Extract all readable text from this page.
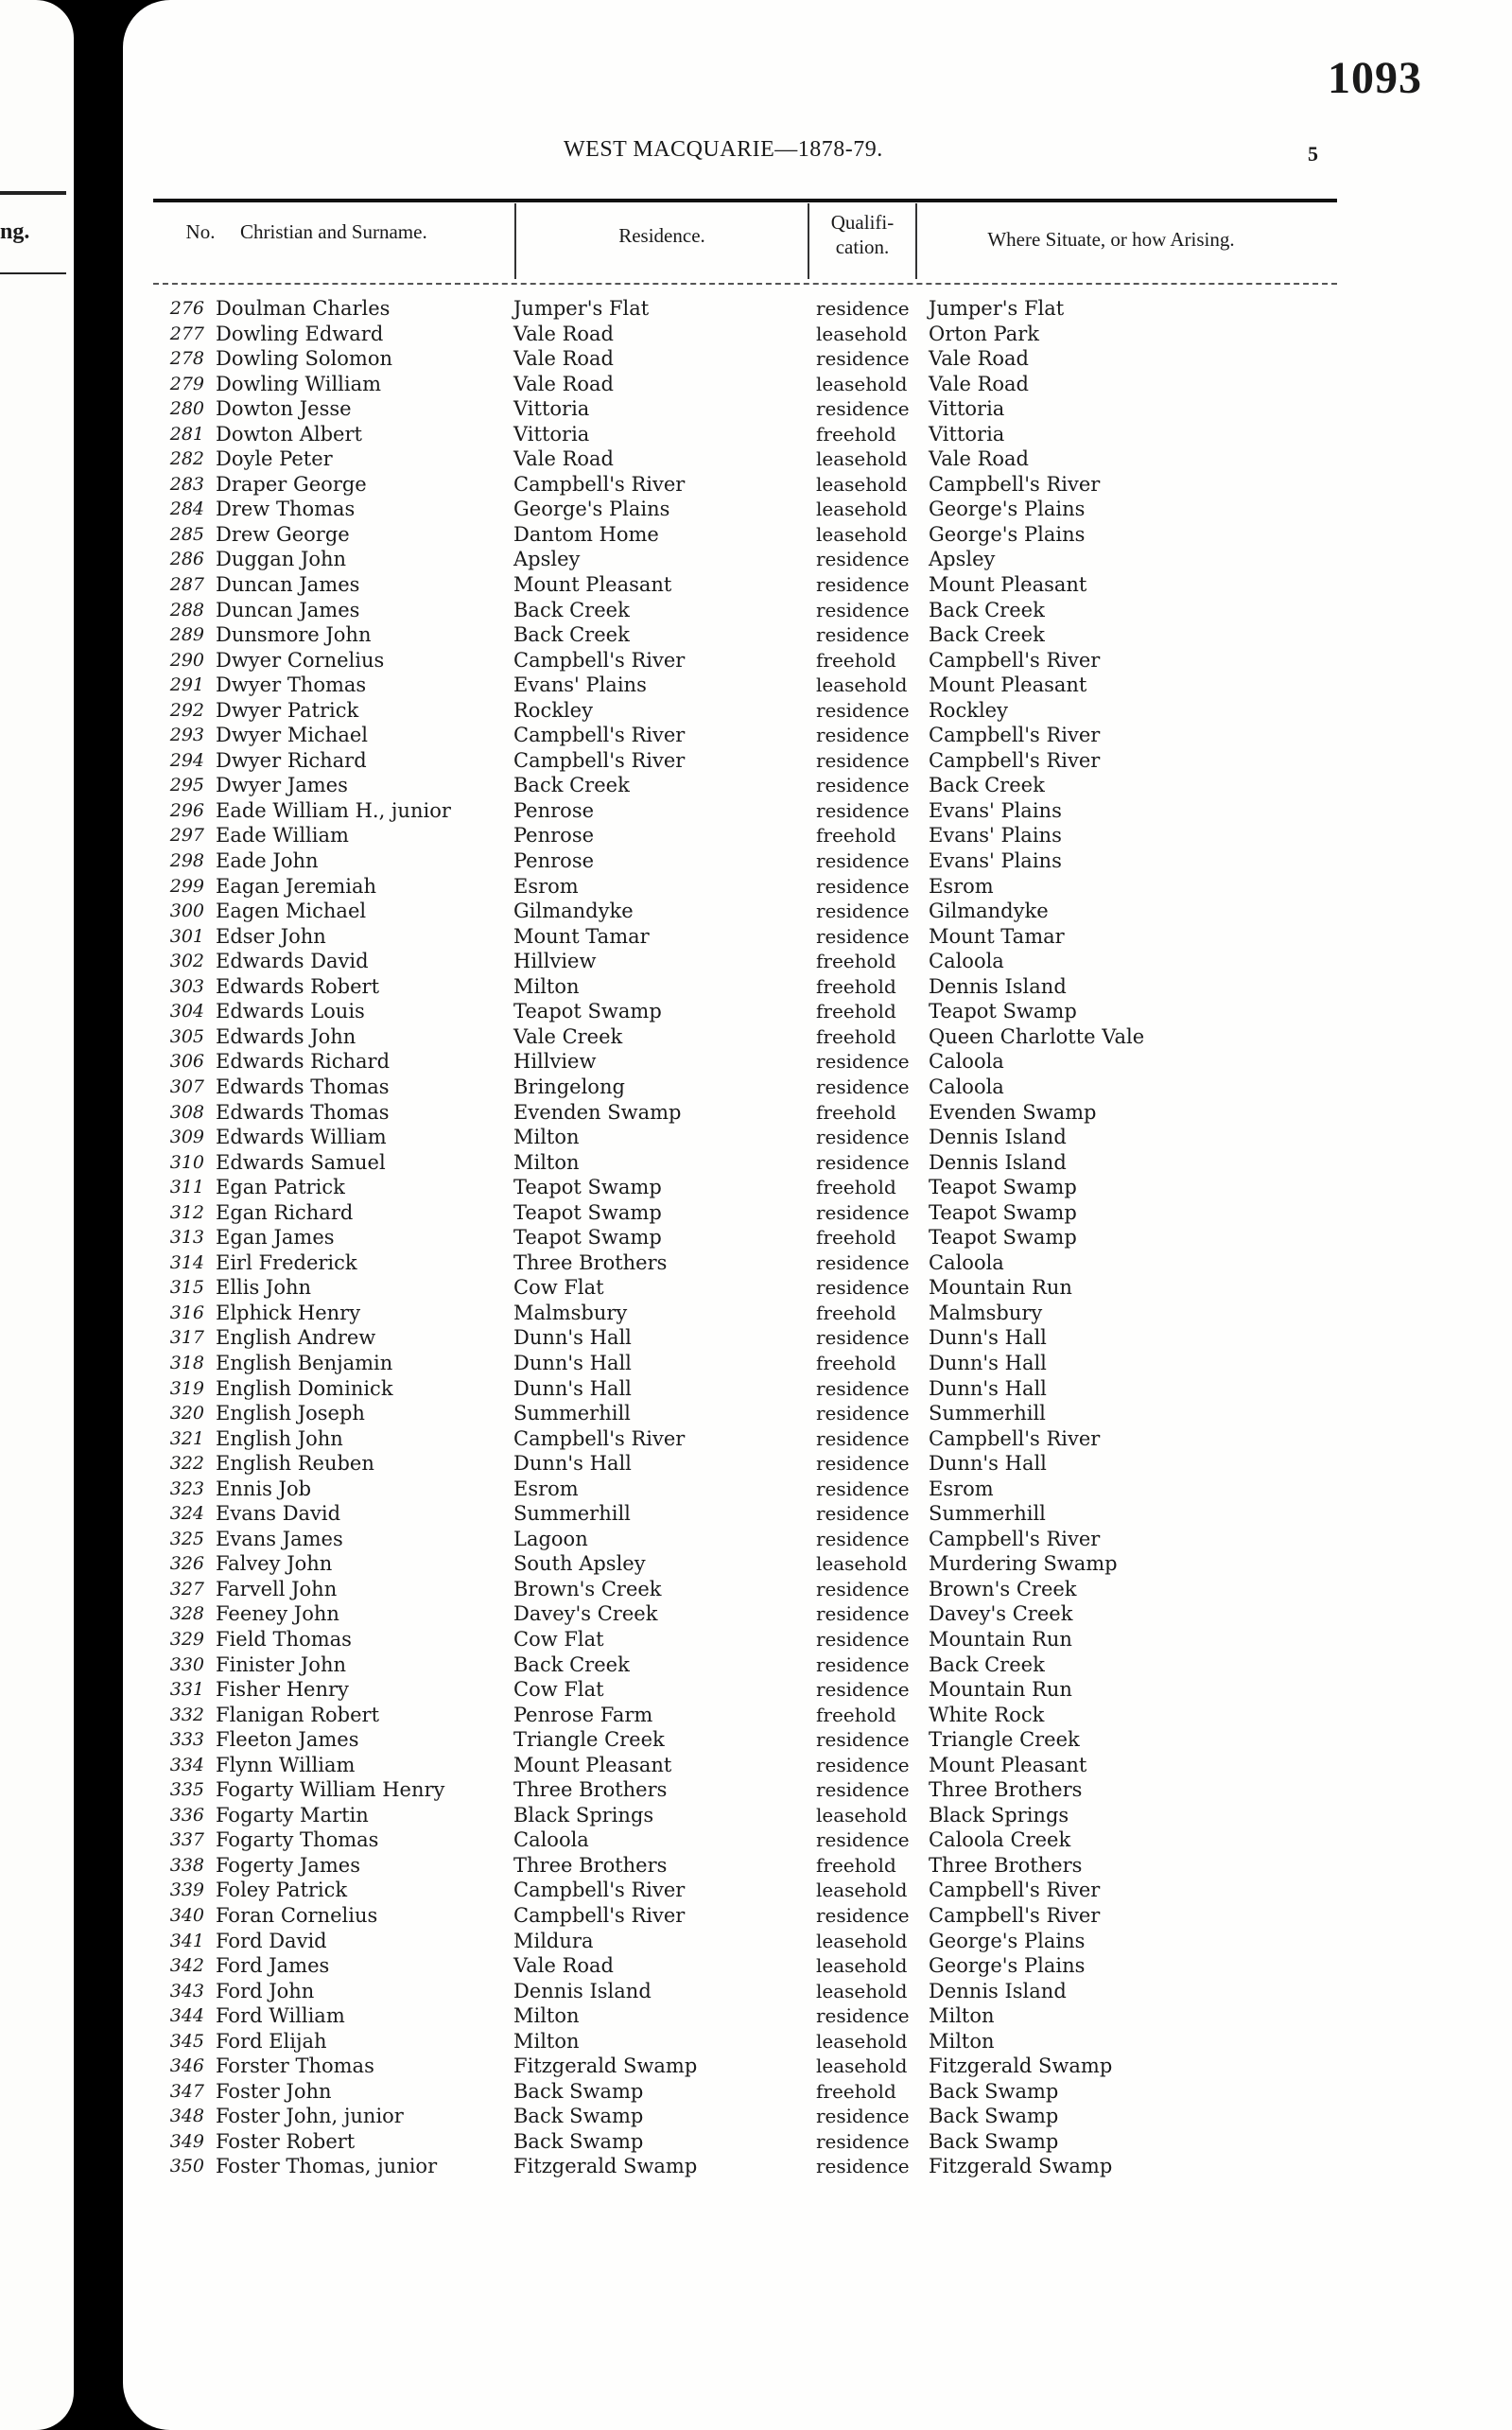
ng.
1093
WEST MACQUARIE—1878-79.	5
No.	Christian and Surname.	Residence.
Qualifi-
cation.	Where Situate, or how Arising.
276 Doulman Charles	Jumper's Flat	residence Jumper's Flat
277 Dowling Edward	Vale Road	leasehold Orton Park
278 Dowling Solomon	Vale Road	residence Vale Road
279 Dowling William	Vale Road	leasehold Vale Road
280 Dowton Jesse	Vittoria	residence Vittoria
281 Dowton Albert	Vittoria	freehold Vittoria
282 Doyle Peter	Vale Road	leasehold Vale Road
283 Draper George	Campbell's River	leasehold Campbell's River
284 Drew Thomas	George's Plains	leasehold George's Plains
285 Drew George	Dantom Home	leasehold George's Plains
286 Duggan John	Apsley	residence Apsley
287 Duncan James	Mount Pleasant	residence Mount Pleasant
288 Duncan James	Back Creek	residence Back Creek
289 Dunsmore John	Back Creek	residence Back Creek
290 Dwyer Cornelius	Campbell's River	freehold Campbell's River
291 Dwyer Thomas	Evans' Plains	leasehold Mount Pleasant
292 Dwyer Patrick	Rockley	residence Rockley
293 Dwyer Michael	Campbell's River	residence Campbell's River
294 Dwyer Richard	Campbell's River	residence Campbell's River
295 Dwyer James	Back Creek	residence Back Creek
296 Eade William H., junior	Penrose	residence Evans' Plains
297 Eade William	Penrose	freehold Evans' Plains
298 Eade John	Penrose	residence Evans' Plains
299 Eagan Jeremiah	Esrom	residence Esrom
300 Eagen Michael	Gilmandyke	residence Gilmandyke
301 Edser John	Mount Tamar	residence Mount Tamar
302 Edwards David	Hillview	freehold Caloola
303 Edwards Robert	Milton	freehold Dennis Island
304 Edwards Louis	Teapot Swamp	freehold Teapot Swamp
305 Edwards John	Vale Creek	freehold Queen Charlotte Vale
306 Edwards Richard	Hillview	residence Caloola
307 Edwards Thomas	Bringelong	residence Caloola
308 Edwards Thomas	Evenden Swamp	freehold Evenden Swamp
309 Edwards William	Milton	residence Dennis Island
310 Edwards Samuel	Milton	residence Dennis Island
311 Egan Patrick	Teapot Swamp	freehold Teapot Swamp
312 Egan Richard	Teapot Swamp	residence Teapot Swamp
313 Egan James	Teapot Swamp	freehold Teapot Swamp
314 Eirl Frederick	Three Brothers	residence Caloola
315 Ellis John	Cow Flat	residence Mountain Run
316 Elphick Henry	Malmsbury	freehold Malmsbury
317 English Andrew	Dunn's Hall	residence Dunn's Hall
318 English Benjamin	Dunn's Hall	freehold Dunn's Hall
319 English Dominick	Dunn's Hall	residence Dunn's Hall
320 English Joseph	Summerhill	residence Summerhill
321 English John	Campbell's River	residence Campbell's River
322 English Reuben	Dunn's Hall	residence Dunn's Hall
323 Ennis Job	Esrom	residence Esrom
324 Evans David	Summerhill	residence Summerhill
325 Evans James	Lagoon	residence Campbell's River
326 Falvey John	South Apsley	leasehold Murdering Swamp
327 Farvell John	Brown's Creek	residence Brown's Creek
328 Feeney John	Davey's Creek	residence Davey's Creek
329 Field Thomas	Cow Flat	residence Mountain Run
330 Finister John	Back Creek	residence Back Creek
331 Fisher Henry	Cow Flat	residence Mountain Run
332 Flanigan Robert	Penrose Farm	freehold White Rock
333 Fleeton James	Triangle Creek	residence Triangle Creek
334 Flynn William	Mount Pleasant	residence Mount Pleasant
335 Fogarty William Henry	Three Brothers	residence Three Brothers
336 Fogarty Martin	Black Springs	leasehold Black Springs
337 Fogarty Thomas	Caloola	residence Caloola Creek
338 Fogerty James	Three Brothers	freehold Three Brothers
339 Foley Patrick	Campbell's River	leasehold Campbell's River
340 Foran Cornelius	Campbell's River	residence Campbell's River
341 Ford David	Mildura	leasehold George's Plains
342 Ford James	Vale Road	leasehold George's Plains
343 Ford John	Dennis Island	leasehold Dennis Island
344 Ford William	Milton	residence Milton
345 Ford Elijah	Milton	leasehold Milton
346 Forster Thomas	Fitzgerald Swamp	leasehold Fitzgerald Swamp
347 Foster John	Back Swamp	freehold Back Swamp
348 Foster John, junior	Back Swamp	residence Back Swamp
349 Foster Robert	Back Swamp	residence Back Swamp
350 Foster Thomas, junior	Fitzgerald Swamp	residence Fitzgerald Swamp
